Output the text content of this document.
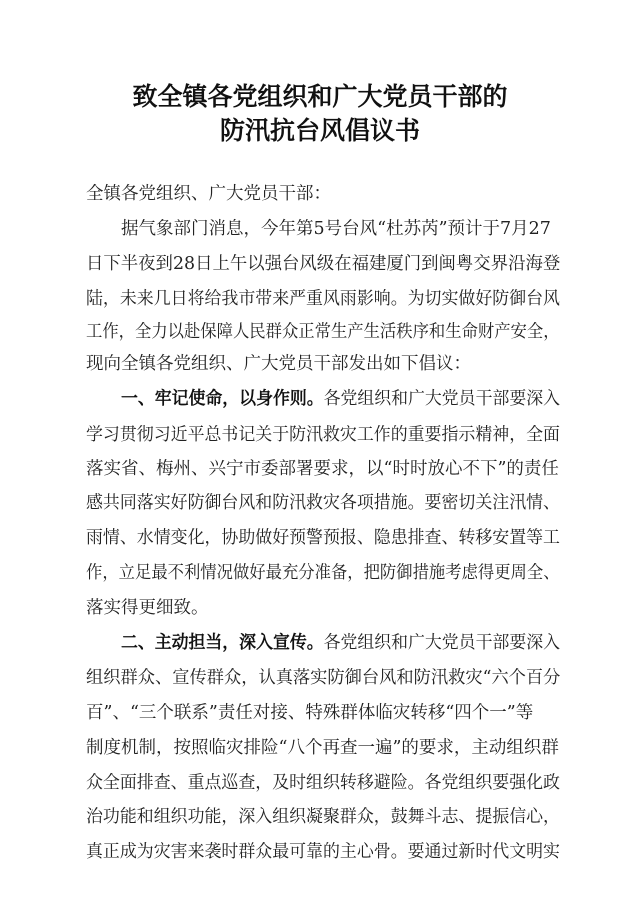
致全镇各党组织和广大党员干部的
防汛抗台风倡议书
全镇各党组织、广大党员干部：
据气象部门消息，今年第5号台风“杜苏芮”预计于7月27
日下半夜到28日上午以强台风级在福建厦门到闽粤交界沿海登
陆，未来几日将给我市带来严重风雨影响。为切实做好防御台风
工作，全力以赴保障人民群众正常生产生活秩序和生命财产安全，
现向全镇各党组织、广大党员干部发出如下倡议：
一、牢记使命，以身作则。各党组织和广大党员干部要深入
学习贯彻习近平总书记关于防汛救灾工作的重要指示精神，全面
落实省、梅州、兴宁市委部署要求，以“时时放心不下”的责任
感共同落实好防御台风和防汛救灾各项措施。要密切关注汛情、
雨情、水情变化，协助做好预警预报、隐患排查、转移安置等工
作，立足最不利情况做好最充分准备，把防御措施考虑得更周全、
落实得更细致。
二、主动担当，深入宣传。各党组织和广大党员干部要深入
组织群众、宣传群众，认真落实防御台风和防汛救灾“六个百分
百”、“三个联系”责任对接、特殊群体临灾转移“四个一”等
制度机制，按照临灾排险“八个再查一遍”的要求，主动组织群
众全面排查、重点巡查，及时组织转移避险。各党组织要强化政
治功能和组织功能，深入组织凝聚群众，鼓舞斗志、提振信心，
真正成为灾害来袭时群众最可靠的主心骨。要通过新时代文明实
